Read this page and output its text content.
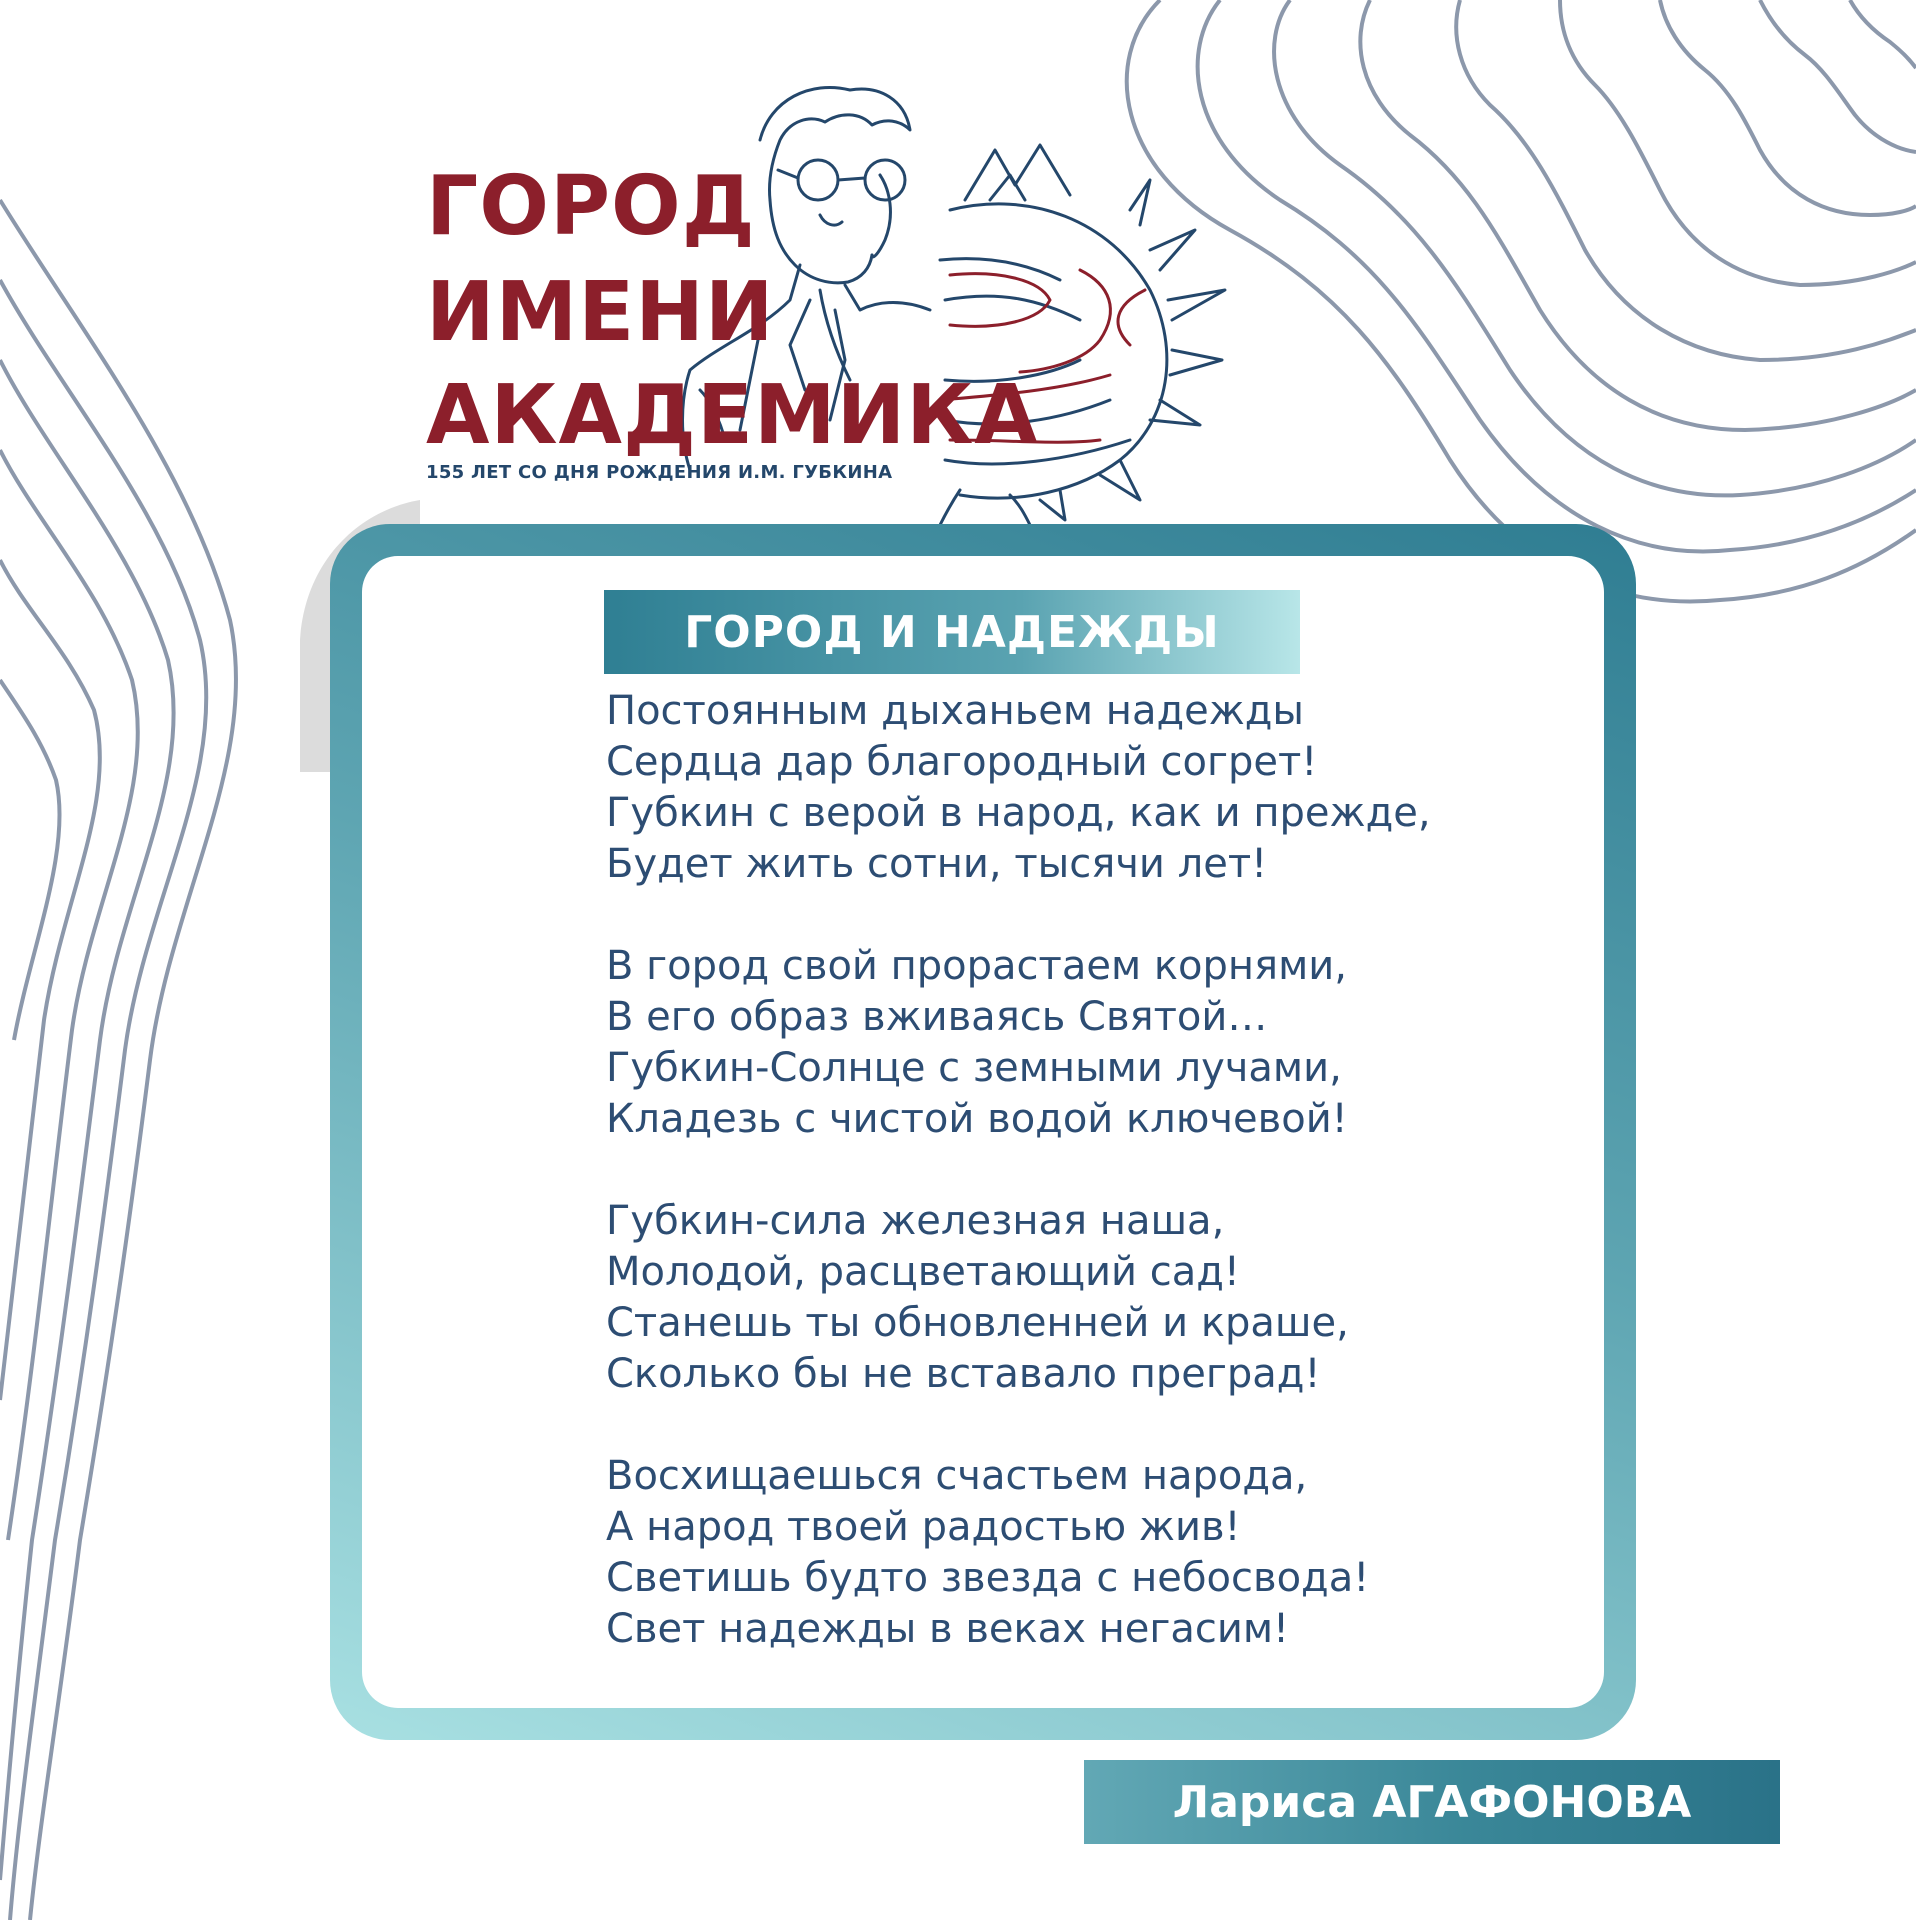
ГОРОД
ИМЕНИ
АКАДЕМИКА
155 ЛЕТ СО ДНЯ РОЖДЕНИЯ И.М. ГУБКИНА
ГОРОД И НАДЕЖДЫ
Постоянным дыханьем надежды
Сердца дар благородный согрет!
Губкин с верой в народ, как и прежде,
Будет жить сотни, тысячи лет!
В город свой прорастаем корнями,
В его образ вживаясь Святой…
Губкин-Солнце с земными лучами,
Кладезь с чистой водой ключевой!
Губкин-сила железная наша,
Молодой, расцветающий сад!
Станешь ты обновленней и краше,
Сколько бы не вставало преград!
Восхищаешься счастьем народа,
А народ твоей радостью жив!
Светишь будто звезда с небосвода!
Свет надежды в веках негасим!
Лариса АГАФОНОВА
